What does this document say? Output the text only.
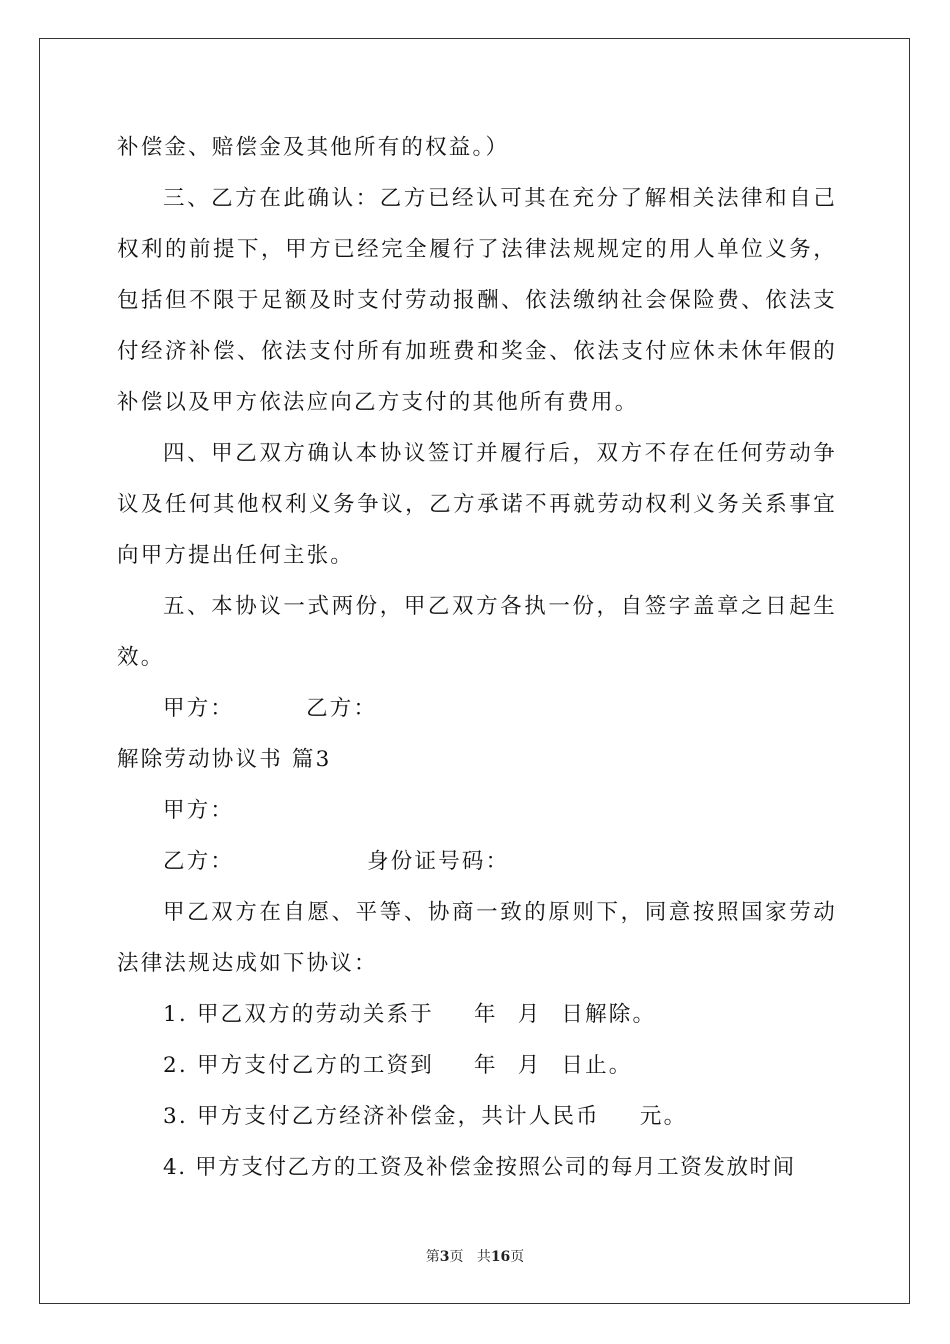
补偿金、赔偿金及其他所有的权益。）
三、乙方在此确认：乙方已经认可其在充分了解相关法律和自己
权利的前提下，甲方已经完全履行了法律法规规定的用人单位义务，
包括但不限于足额及时支付劳动报酬、依法缴纳社会保险费、依法支
付经济补偿、依法支付所有加班费和奖金、依法支付应休未休年假的
补偿以及甲方依法应向乙方支付的其他所有费用。
四、甲乙双方确认本协议签订并履行后，双方不存在任何劳动争
议及任何其他权利义务争议，乙方承诺不再就劳动权利义务关系事宜
向甲方提出任何主张。
五、本协议一式两份，甲乙双方各执一份，自签字盖章之日起生
效。
甲方：	乙方：
解除劳动协议书 篇3
甲方：
乙方：	身份证号码：
甲乙双方在自愿、平等、协商一致的原则下，同意按照国家劳动
法律法规达成如下协议：
1. 甲乙双方的劳动关系于 年 月 日解除。
2. 甲方支付乙方的工资到 年 月 日止。
3. 甲方支付乙方经济补偿金，共计人民币 元。
4. 甲方支付乙方的工资及补偿金按照公司的每月工资发放时间
第3页 共16页
